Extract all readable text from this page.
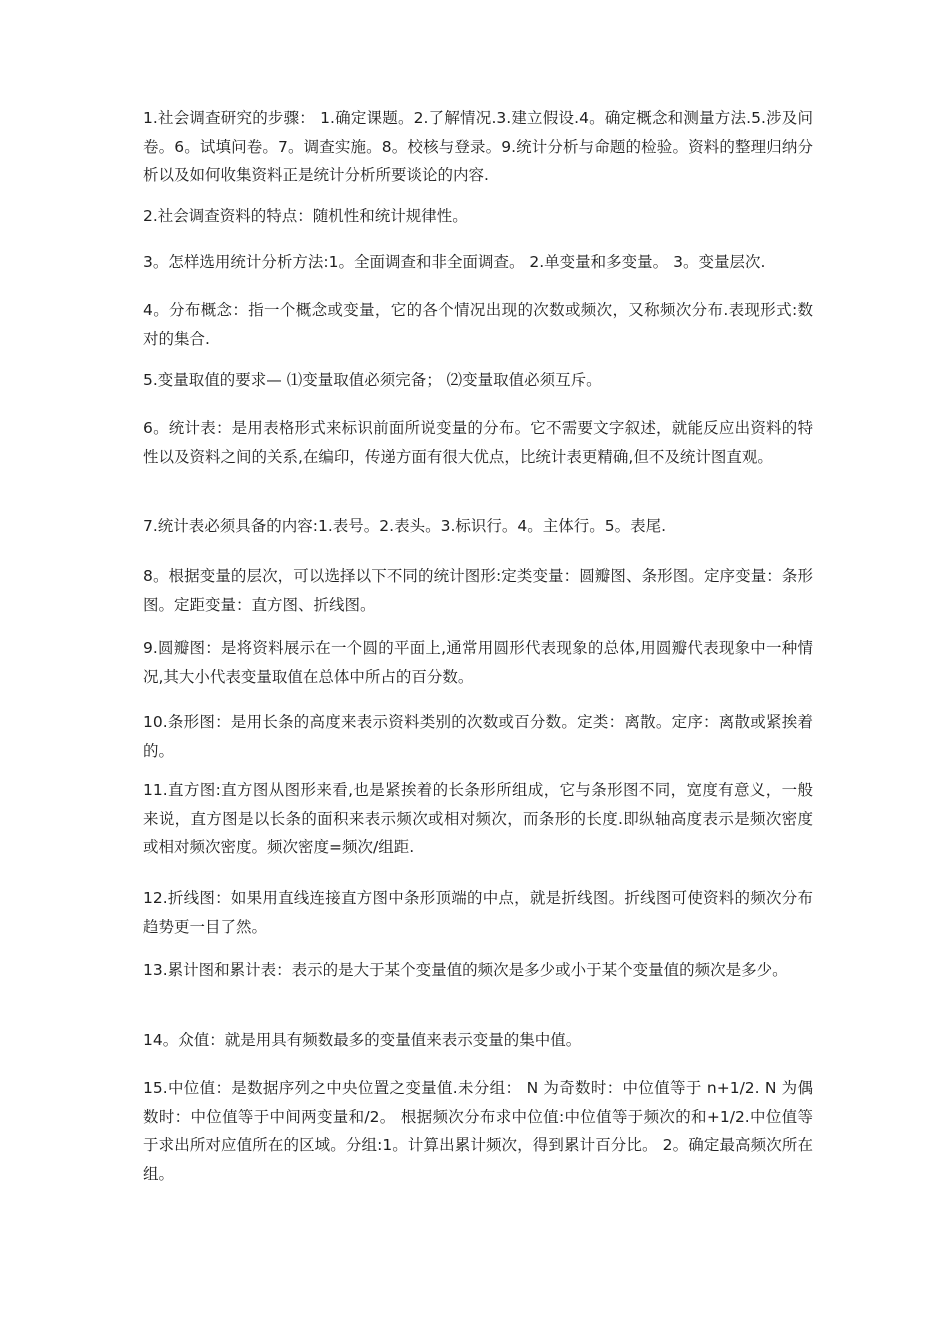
1.社会调查研究的步骤： 1.确定课题。2.了解情况.3.建立假设.4。确定概念和测量方法.5.涉及问卷。6。试填问卷。7。调查实施。8。校核与登录。9.统计分析与命题的检验。资料的整理归纳分析以及如何收集资料正是统计分析所要谈论的内容.

2.社会调查资料的特点：随机性和统计规律性。

3。怎样选用统计分析方法:1。全面调查和非全面调查。 2.单变量和多变量。 3。变量层次.

4。分布概念：指一个概念或变量，它的各个情况出现的次数或频次，又称频次分布.表现形式:数对的集合.

5.变量取值的要求— ⑴变量取值必须完备； ⑵变量取值必须互斥。

6。统计表：是用表格形式来标识前面所说变量的分布。它不需要文字叙述，就能反应出资料的特性以及资料之间的关系,在编印，传递方面有很大优点，比统计表更精确,但不及统计图直观。

7.统计表必须具备的内容:1.表号。2.表头。3.标识行。4。主体行。5。表尾.

8。根据变量的层次，可以选择以下不同的统计图形:定类变量：圆瓣图、条形图。定序变量：条形图。定距变量：直方图、折线图。

9.圆瓣图：是将资料展示在一个圆的平面上,通常用圆形代表现象的总体,用圆瓣代表现象中一种情况,其大小代表变量取值在总体中所占的百分数。

10.条形图：是用长条的高度来表示资料类别的次数或百分数。定类：离散。定序：离散或紧挨着的。

11.直方图:直方图从图形来看,也是紧挨着的长条形所组成，它与条形图不同，宽度有意义，一般来说，直方图是以长条的面积来表示频次或相对频次，而条形的长度.即纵轴高度表示是频次密度或相对频次密度。频次密度=频次/组距.

12.折线图：如果用直线连接直方图中条形顶端的中点，就是折线图。折线图可使资料的频次分布趋势更一目了然。

13.累计图和累计表：表示的是大于某个变量值的频次是多少或小于某个变量值的频次是多少。

14。众值：就是用具有频数最多的变量值来表示变量的集中值。

15.中位值：是数据序列之中央位置之变量值.未分组： N 为奇数时：中位值等于 n+1/2. N 为偶数时：中位值等于中间两变量和/2。 根据频次分布求中位值:中位值等于频次的和+1/2.中位值等于求出所对应值所在的区域。分组:1。计算出累计频次，得到累计百分比。 2。确定最高频次所在组。
